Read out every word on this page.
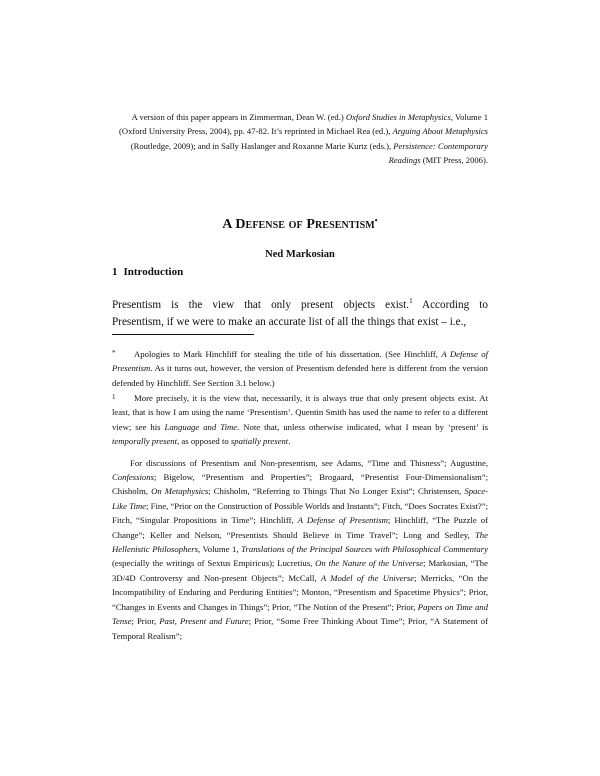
A version of this paper appears in Zimmerman, Dean W. (ed.) Oxford Studies in Metaphysics, Volume 1 (Oxford University Press, 2004), pp. 47-82. It’s reprinted in Michael Rea (ed.), Arguing About Metaphysics (Routledge, 2009); and in Sally Haslanger and Roxanne Marie Kurtz (eds.), Persistence: Contemporary Readings (MIT Press, 2006).
A Defense of Presentism•
Ned Markosian
1 Introduction
Presentism is the view that only present objects exist.$^1$ According to
Presentism, if we were to make an accurate list of all the things that exist – i.e.,

* Apologies to Mark Hinchliff for stealing the title of his dissertation. (See Hinchliff, A Defense of Presentism. As it turns out, however, the version of Presentism defended here is different from the version defended by Hinchliff. See Section 3.1 below.)

1 More precisely, it is the view that, necessarily, it is always true that only present objects exist. At least, that is how I am using the name ‘Presentism’. Quentin Smith has used the name to refer to a different view; see his Language and Time. Note that, unless otherwise indicated, what I mean by ‘present’ is temporally present, as opposed to spatially present.

For discussions of Presentism and Non-presentism, see Adams, “Time and Thisness”; Augustine, Confessions; Bigelow, “Presentism and Properties”; Brogaard, “Presentist Four-Dimensionalism”; Chisholm, On Metaphysics; Chisholm, “Referring to Things That No Longer Exist”; Christensen, Space-Like Time; Fine, “Prior on the Construction of Possible Worlds and Instants”; Fitch, “Does Socrates Exist?”; Fitch, “Singular Propositions in Time”; Hinchliff, A Defense of Presentism; Hinchliff, “The Puzzle of Change”; Keller and Nelson, “Presentists Should Believe in Time Travel”; Long and Sedley, The Hellenistic Philosophers, Volume 1, Translations of the Principal Sources with Philosophical Commentary (especially the writings of Sextus Empiricus); Lucretius, On the Nature of the Universe; Markosian, “The 3D/4D Controversy and Non-present Objects”; McCall, A Model of the Universe; Merricks, “On the Incompatibility of Enduring and Perduring Entities”; Monton, “Presentism and Spacetime Physics”; Prior, “Changes in Events and Changes in Things”; Prior, “The Notion of the Present”; Prior, Papers on Time and Tense; Prior, Past, Present and Future; Prior, “Some Free Thinking About Time”; Prior, “A Statement of Temporal Realism”;
